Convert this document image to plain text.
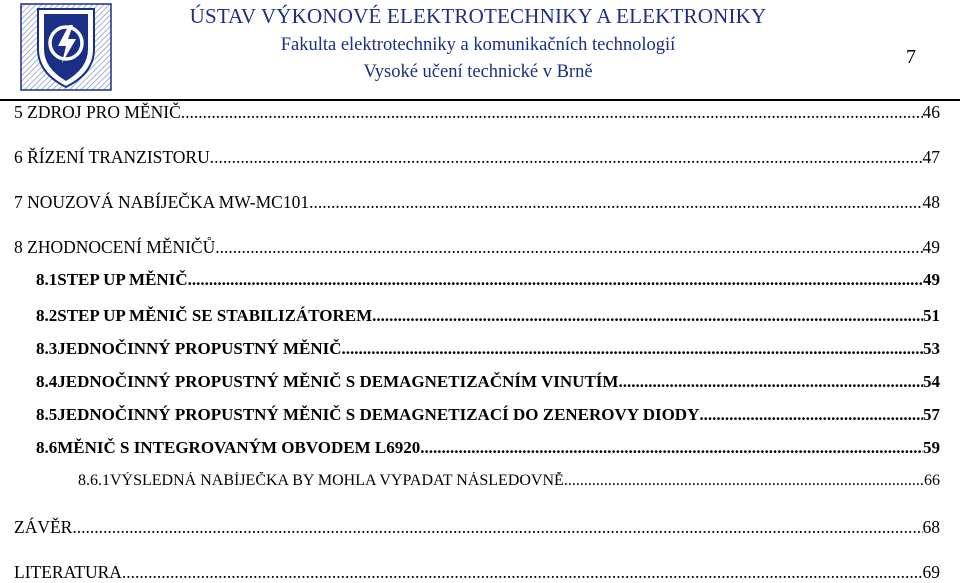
ÚSTAV VÝKONOVÉ ELEKTROTECHNIKY A ELEKTRONIKY
Fakulta elektrotechniky a komunikačních technologií
Vysoké učení technické v Brně
7
5 ZDROJ PRO MĚNIČ .....	46
6 ŘÍZENÍ TRANZISTORU .....	47
7 NOUZOVÁ NABÍJEČKA MW-MC101 .....	48
8 ZHODNOCENÍ MĚNIČŮ .....	49
8.1 STEP UP MĚNIČ .....	49
8.2 STEP UP MĚNIČ SE STABILIZÁTOREM .....	51
8.3 JEDNOČINNÝ PROPUSTNÝ MĚNIČ .....	53
8.4 JEDNOČINNÝ PROPUSTNÝ MĚNIČ S DEMAGNETIZAČNÍM VINUTÍM .....	54
8.5 JEDNOČINNÝ PROPUSTNÝ MĚNIČ S DEMAGNETIZACÍ DO ZENEROVY DIODY .....	57
8.6 MĚNIČ S INTEGROVANÝM OBVODEM L6920 .....	59
8.6.1 VÝSLEDNÁ NABÍJEČKA BY MOHLA VYPADAT NÁSLEDOVNĚ .....	66
ZÁVĚR .....	68
LITERATURA .....	69
